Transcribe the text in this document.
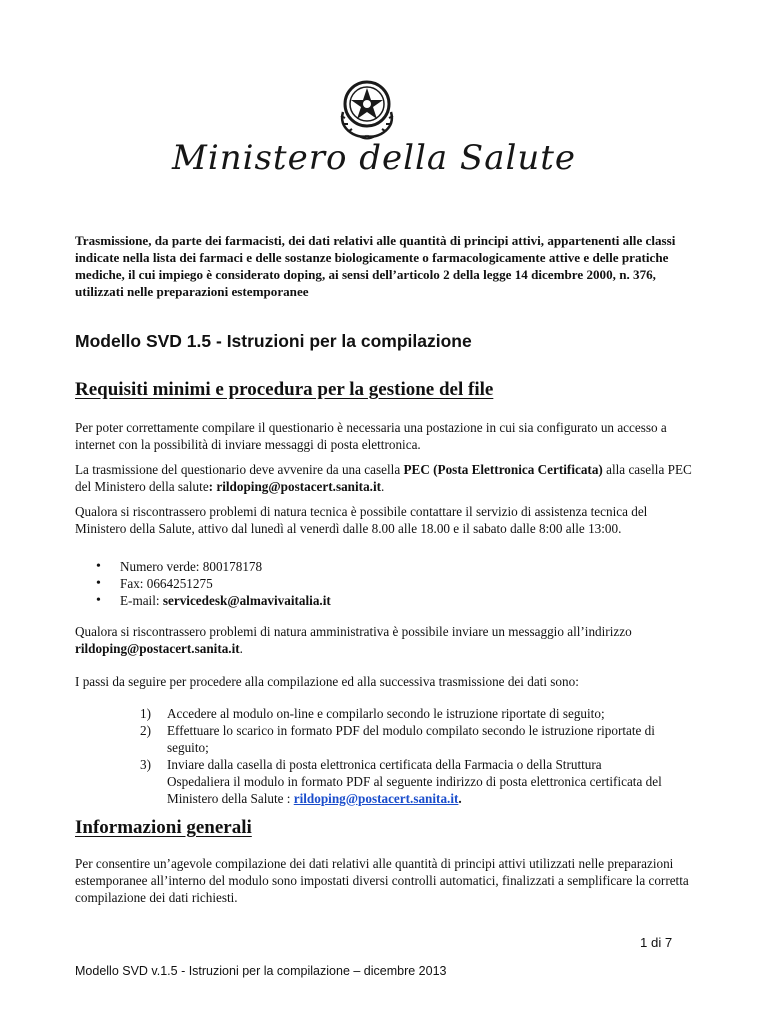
Ministero della Salute

Trasmissione, da parte dei farmacisti, dei dati relativi alle quantità di principi attivi, appartenenti alle classi indicate nella lista dei farmaci e delle sostanze biologicamente o farmacologicamente attive e delle pratiche mediche, il cui impiego è considerato doping, ai sensi dell’articolo 2 della legge 14 dicembre 2000, n. 376, utilizzati nelle preparazioni estemporanee

Modello SVD 1.5 - Istruzioni per la compilazione
Requisiti minimi e procedura per la gestione del file

Per poter correttamente compilare il questionario è necessaria una postazione in cui sia configurato un accesso a internet con la possibilità di inviare messaggi di posta elettronica.

La trasmissione del questionario deve avvenire da una casella PEC (Posta Elettronica Certificata) alla casella PEC del Ministero della salute: rildoping@postacert.sanita.it.

Qualora si riscontrassero problemi di natura tecnica è possibile contattare il servizio di assistenza tecnica del Ministero della Salute, attivo dal lunedì al venerdì dalle 8.00 alle 18.00 e il sabato dalle 8:00 alle 13:00.

• Numero verde: 800178178
• Fax: 0664251275
• E-mail: servicedesk@almavivaitalia.it

Qualora si riscontrassero problemi di natura amministrativa è possibile inviare un messaggio all’indirizzo rildoping@postacert.sanita.it.

I passi da seguire per procedere alla compilazione ed alla successiva trasmissione dei dati sono:

1) Accedere al modulo on-line e compilarlo secondo le istruzione riportate di seguito;
2) Effettuare lo scarico in formato PDF del modulo compilato secondo le istruzione riportate di seguito;
3) Inviare dalla casella di posta elettronica certificata della Farmacia o della Struttura Ospedaliera il modulo in formato PDF al seguente indirizzo di posta elettronica certificata del Ministero della Salute : rildoping@postacert.sanita.it.
Informazioni generali

Per consentire un’agevole compilazione dei dati relativi alle quantità di principi attivi utilizzati nelle preparazioni estemporanee all’interno del modulo sono impostati diversi controlli automatici, finalizzati a semplificare la corretta compilazione dei dati richiesti.

1 di 7

Modello SVD v.1.5 - Istruzioni per la compilazione – dicembre 2013
